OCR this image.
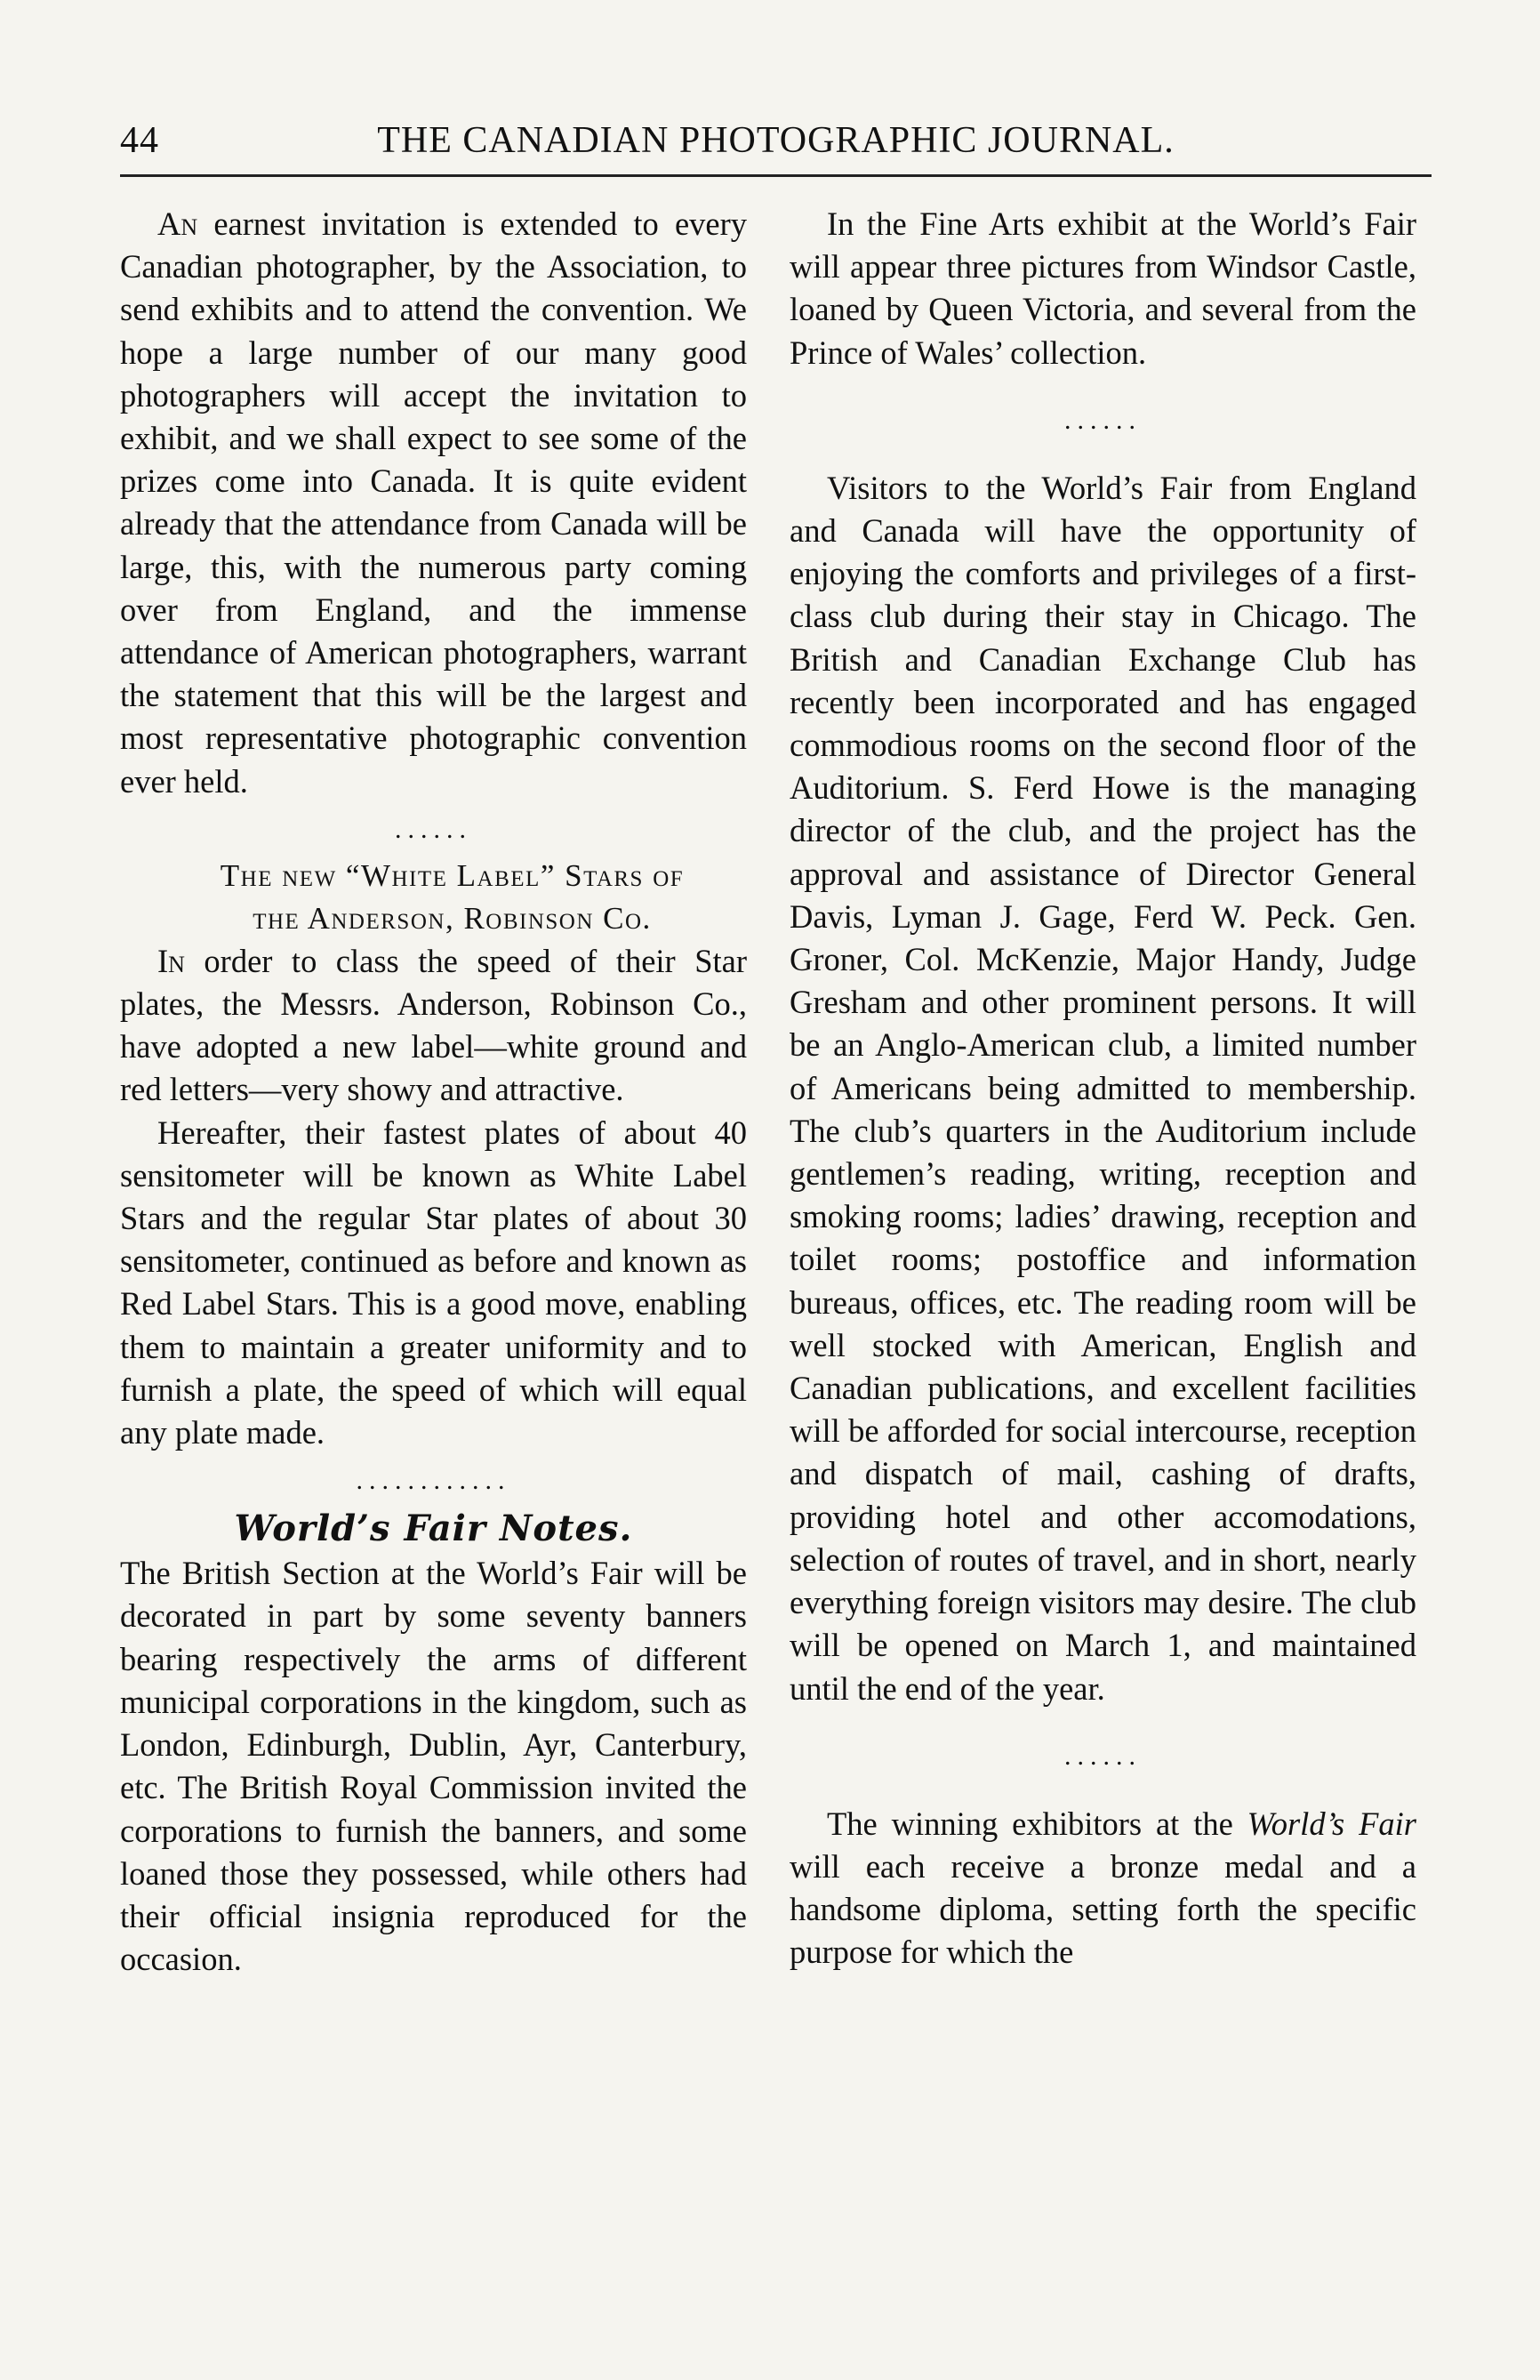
44	THE CANADIAN PHOTOGRAPHIC JOURNAL.

An earnest invitation is extended to every Canadian photographer, by the Association, to send exhibits and to attend the convention. We hope a large number of our many good photographers will accept the invitation to exhibit, and we shall expect to see some of the prizes come into Canada. It is quite evident already that the attendance from Canada will be large, this, with the numerous party coming over from England, and the immense attendance of American photographers, warrant the statement that this will be the largest and most representative photographic convention ever held.

......

The new “White Label” Stars of

the Anderson, Robinson Co.

In order to class the speed of their Star plates, the Messrs. Anderson, Robinson Co., have adopted a new label—white ground and red letters—very showy and attractive.

Hereafter, their fastest plates of about 40 sensitometer will be known as White Label Stars and the regular Star plates of about 30 sensitometer, continued as before and known as Red Label Stars. This is a good move, enabling them to maintain a greater uniformity and to furnish a plate, the speed of which will equal any plate made.

............
World’s Fair Notes.

The British Section at the World’s Fair will be decorated in part by some seventy banners bearing respectively the arms of different municipal corporations in the kingdom, such as London, Edinburgh, Dublin, Ayr, Canterbury, etc. The British Royal Commission invited the corporations to furnish the banners, and some loaned those they possessed, while others had their official insignia reproduced for the occasion.

In the Fine Arts exhibit at the World’s Fair will appear three pictures from Windsor Castle, loaned by Queen Victoria, and several from the Prince of Wales’ collection.

......

Visitors to the World’s Fair from England and Canada will have the opportunity of enjoying the comforts and privileges of a first-class club during their stay in Chicago. The British and Canadian Exchange Club has recently been incorporated and has engaged commodious rooms on the second floor of the Auditorium. S. Ferd Howe is the managing director of the club, and the project has the approval and assistance of Director General Davis, Lyman J. Gage, Ferd W. Peck. Gen. Groner, Col. McKenzie, Major Handy, Judge Gresham and other prominent persons. It will be an Anglo-American club, a limited number of Americans being admitted to membership. The club’s quarters in the Auditorium include gentlemen’s reading, writing, reception and smoking rooms; ladies’ drawing, reception and toilet rooms; postoffice and information bureaus, offices, etc. The reading room will be well stocked with American, English and Canadian publications, and excellent facilities will be afforded for social intercourse, reception and dispatch of mail, cashing of drafts, providing hotel and other accomodations, selection of routes of travel, and in short, nearly everything foreign visitors may desire. The club will be opened on March 1, and maintained until the end of the year.

......

The winning exhibitors at the World’s Fair will each receive a bronze medal and a handsome diploma, setting forth the specific purpose for which the
